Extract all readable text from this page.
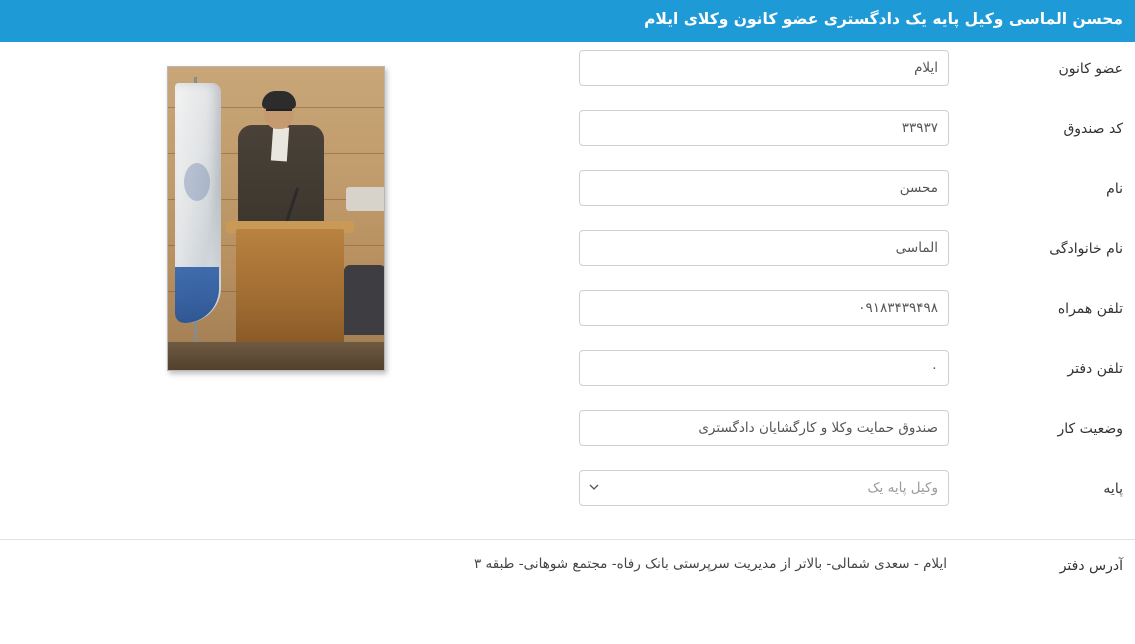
محسن الماسی وکیل پایه یک دادگستری عضو کانون وکلای ایلام
عضو کانون
ایلام
کد صندوق
۳۳۹۳۷
نام
محسن
نام خانوادگی
الماسی
تلفن همراه
۰۹۱۸۳۴۳۹۴۹۸
تلفن دفتر
۰
وضعیت کار
صندوق حمایت وکلا و کارگشایان دادگستری
پایه
وکیل پایه یک
آدرس دفتر
ایلام - سعدی شمالی- بالاتر از مدیریت سرپرستی بانک رفاه- مجتمع شوهانی- طبقه ۳
